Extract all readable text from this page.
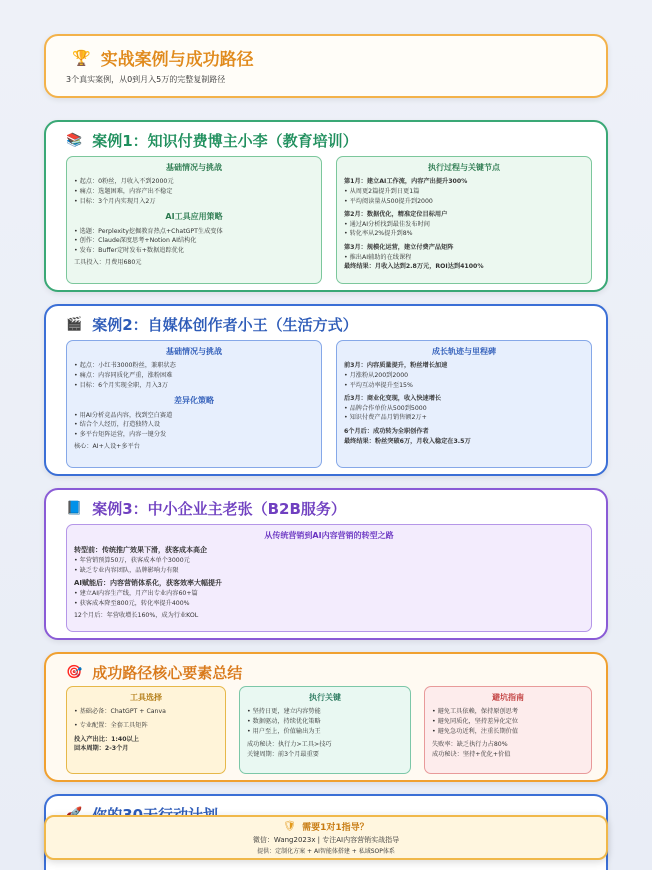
🏆 实战案例与成功路径
3个真实案例，从0到月入5万的完整复制路径
📚 案例1：知识付费博主小李（教育培训）
基础情况与挑战
• 起点：0粉丝，月收入不到2000元
• 痛点：选题困难，内容产出不稳定
• 目标：3个月内实现月入2万
AI工具应用策略
• 选题：Perplexity挖掘教育热点+ChatGPT生成变体
• 创作：Claude深度思考+Notion AI结构化
• 发布：Buffer定时发布+数据追踪优化
工具投入：月费用680元
执行过程与关键节点
第1月：建立AI工作流，内容产出提升300%
• 从周更2篇提升到日更1篇
• 平均阅读量从500提升到2000
第2月：数据优化，精准定位目标用户
• 通过AI分析找到最佳发布时间
• 转化率从2%提升到8%
第3月：规模化运营，建立付费产品矩阵
• 推出AI辅助的在线课程
最终结果：月收入达到2.8万元，ROI达到4100%
🎬 案例2：自媒体创作者小王（生活方式）
基础情况与挑战
• 起点：小红书3000粉丝，兼职状态
• 痛点：内容同质化严重，涨粉困难
• 目标：6个月实现全职，月入3万
差异化策略
• 用AI分析竞品内容，找到空白赛道
• 结合个人经历，打造独特人设
• 多平台矩阵运营，内容一键分发
核心：AI+人设+多平台
成长轨迹与里程碑
前3月：内容质量提升，粉丝增长加速
• 月涨粉从200到2000
• 平均互动率提升至15%
后3月：商业化变现，收入快速增长
• 品牌合作单价从500到5000
• 知识付费产品月销售额2万+
6个月后：成功转为全职创作者
最终结果：粉丝突破6万，月收入稳定在3.5万
📘 案例3：中小企业主老张（B2B服务）
从传统营销到AI内容营销的转型之路
转型前：传统推广效果下滑，获客成本高企
• 年营销预算50万，获客成本单个3000元
• 缺乏专业内容团队，品牌影响力有限
AI赋能后：内容营销体系化，获客效率大幅提升
• 建立AI内容生产线，月产出专业内容60+篇
• 获客成本降至800元，转化率提升400%
12个月后：年营收增长160%，成为行业KOL
🎯 成功路径核心要素总结
工具选择
• 基础必备：ChatGPT + Canva
• 专业配置：全套工具矩阵
投入产出比：1:40以上
回本周期：2-3个月
执行关键
• 坚持日更，建立内容势能
• 数据驱动，持续优化策略
• 用户至上，价值输出为王
成功秘诀：执行力>工具>技巧
关键周期：前3个月最重要
避坑指南
• 避免工具依赖，保持原创思考
• 避免同质化，坚持差异化定位
• 避免急功近利，注重长期价值
失败率：缺乏执行力占80%
成功秘诀：坚持+优化+价值
🛡 需要1对1指导？
微信：Wang2023x | 专注AI内容营销实战指导
提供：定制化方案 + AI智能体搭建 + 私域SOP体系
